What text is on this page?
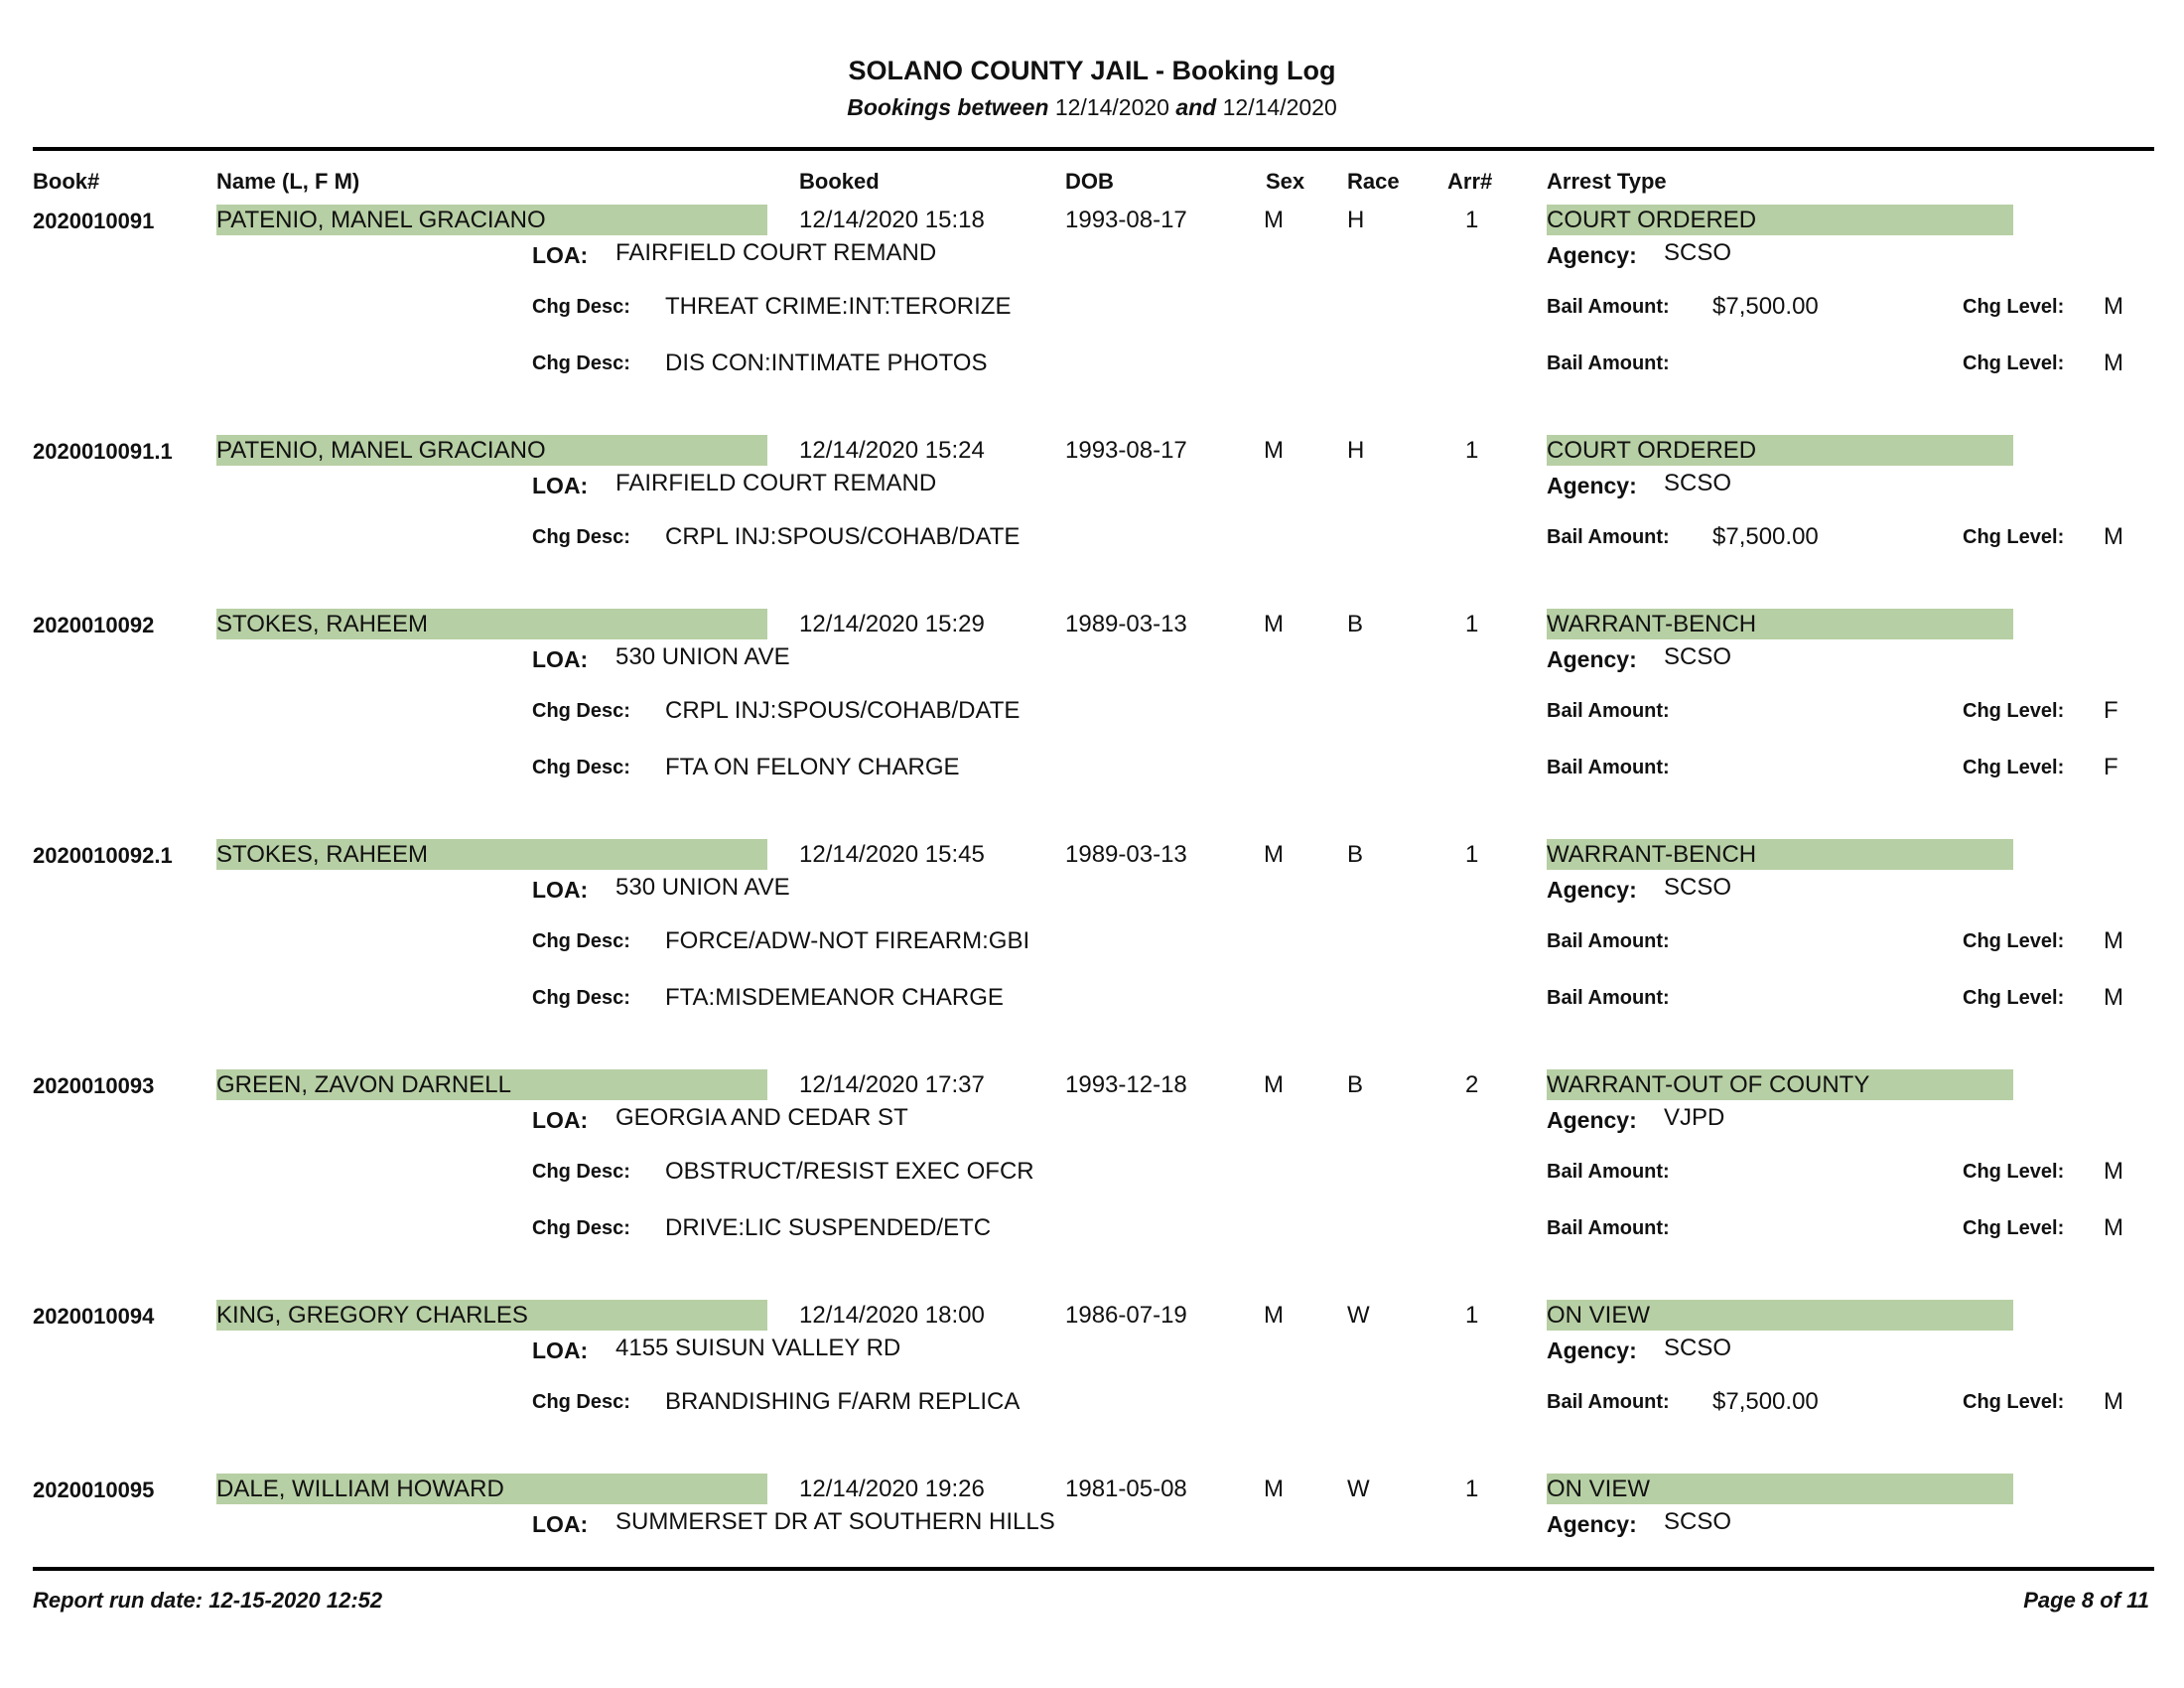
SOLANO COUNTY JAIL - Booking Log
Bookings between 12/14/2020 and 12/14/2020
Book#	Name (L, F M)	Booked	DOB	Sex Race Arr# Arrest Type
2020010091	PATENIO, MANEL GRACIANO	12/14/2020 15:18	1993-08-17	M	H	1	COURT ORDERED
LOA: FAIRFIELD COURT REMAND	Agency: SCSO
Chg Desc: THREAT CRIME:INT:TERORIZE	Bail Amount: $7,500.00	Chg Level: M
Chg Desc: DIS CON:INTIMATE PHOTOS	Bail Amount:	Chg Level: M
2020010091.1 PATENIO, MANEL GRACIANO	12/14/2020 15:24	1993-08-17	M	H	1	COURT ORDERED
LOA: FAIRFIELD COURT REMAND	Agency: SCSO
Chg Desc: CRPL INJ:SPOUS/COHAB/DATE	Bail Amount: $7,500.00	Chg Level: M
2020010092	STOKES, RAHEEM	12/14/2020 15:29	1989-03-13	M	B	1	WARRANT-BENCH
LOA: 530 UNION AVE	Agency: SCSO
Chg Desc: CRPL INJ:SPOUS/COHAB/DATE	Bail Amount:	Chg Level: F
Chg Desc: FTA ON FELONY CHARGE	Bail Amount:	Chg Level: F
2020010092.1 STOKES, RAHEEM	12/14/2020 15:45	1989-03-13	M	B	1	WARRANT-BENCH
LOA: 530 UNION AVE	Agency: SCSO
Chg Desc: FORCE/ADW-NOT FIREARM:GBI	Bail Amount:	Chg Level: M
Chg Desc: FTA:MISDEMEANOR CHARGE	Bail Amount:	Chg Level: M
2020010093	GREEN, ZAVON DARNELL	12/14/2020 17:37	1993-12-18	M	B	2	WARRANT-OUT OF COUNTY
LOA: GEORGIA AND CEDAR ST	Agency: VJPD
Chg Desc: OBSTRUCT/RESIST EXEC OFCR	Bail Amount:	Chg Level: M
Chg Desc: DRIVE:LIC SUSPENDED/ETC	Bail Amount:	Chg Level: M
2020010094	KING, GREGORY CHARLES	12/14/2020 18:00	1986-07-19	M	W	1	ON VIEW
LOA: 4155 SUISUN VALLEY RD	Agency: SCSO
Chg Desc: BRANDISHING F/ARM REPLICA	Bail Amount: $7,500.00	Chg Level: M
2020010095	DALE, WILLIAM HOWARD	12/14/2020 19:26	1981-05-08	M	W	1	ON VIEW
LOA: SUMMERSET DR AT SOUTHERN HILLS	Agency: SCSO
Report run date: 12-15-2020 12:52	Page 8 of 11
